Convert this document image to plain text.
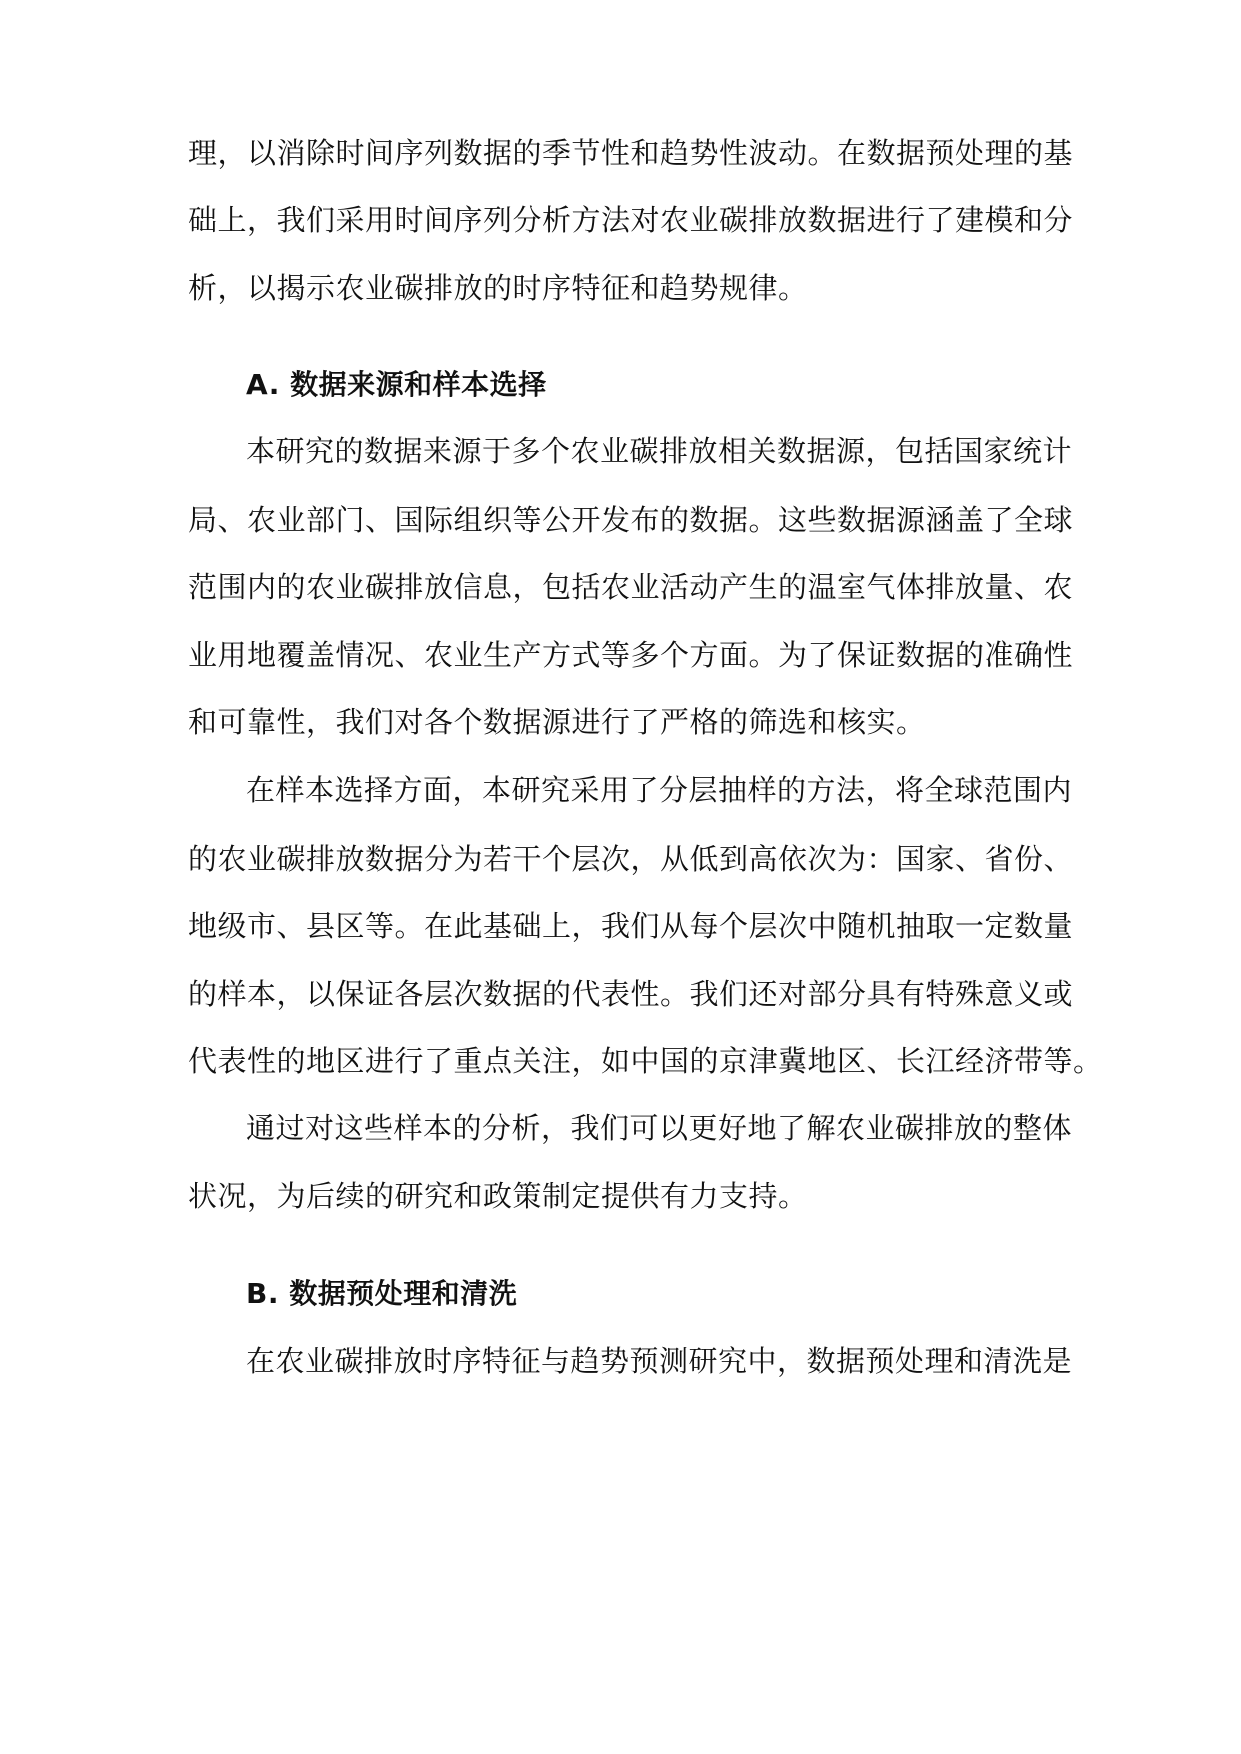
理，以消除时间序列数据的季节性和趋势性波动。在数据预处理的基
础上，我们采用时间序列分析方法对农业碳排放数据进行了建模和分
析，以揭示农业碳排放的时序特征和趋势规律。
A. 数据来源和样本选择
本研究的数据来源于多个农业碳排放相关数据源，包括国家统计
局、农业部门、国际组织等公开发布的数据。这些数据源涵盖了全球
范围内的农业碳排放信息，包括农业活动产生的温室气体排放量、农
业用地覆盖情况、农业生产方式等多个方面。为了保证数据的准确性
和可靠性，我们对各个数据源进行了严格的筛选和核实。
在样本选择方面，本研究采用了分层抽样的方法，将全球范围内
的农业碳排放数据分为若干个层次，从低到高依次为：国家、省份、
地级市、县区等。在此基础上，我们从每个层次中随机抽取一定数量
的样本，以保证各层次数据的代表性。我们还对部分具有特殊意义或
代表性的地区进行了重点关注，如中国的京津冀地区、长江经济带等。
通过对这些样本的分析，我们可以更好地了解农业碳排放的整体
状况，为后续的研究和政策制定提供有力支持。
B. 数据预处理和清洗
在农业碳排放时序特征与趋势预测研究中，数据预处理和清洗是
